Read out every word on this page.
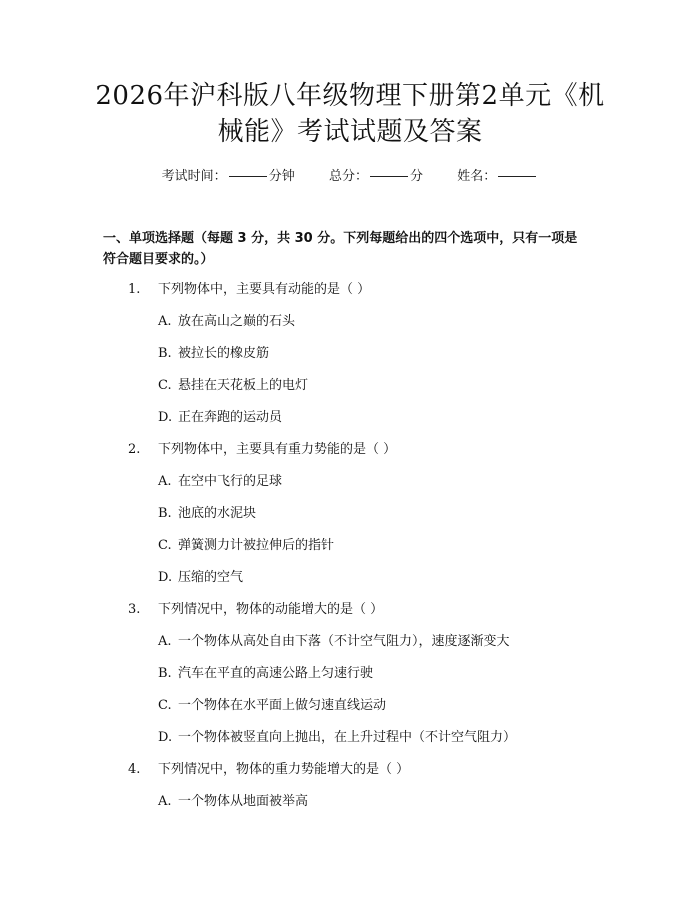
2026年沪科版八年级物理下册第2单元《机
械能》考试试题及答案
考试时间：	分钟	总分：	分	姓名：
一、单项选择题（每题 3 分，共 30 分。下列每题给出的四个选项中，只有一项是
符合题目要求的。）
1. 下列物体中，主要具有动能的是（ ）
A. 放在高山之巅的石头
B. 被拉长的橡皮筋
C. 悬挂在天花板上的电灯
D. 正在奔跑的运动员
2. 下列物体中，主要具有重力势能的是（ ）
A. 在空中飞行的足球
B. 池底的水泥块
C. 弹簧测力计被拉伸后的指针
D. 压缩的空气
3. 下列情况中，物体的动能增大的是（ ）
A. 一个物体从高处自由下落（不计空气阻力），速度逐渐变大
B. 汽车在平直的高速公路上匀速行驶
C. 一个物体在水平面上做匀速直线运动
D. 一个物体被竖直向上抛出，在上升过程中（不计空气阻力）
4. 下列情况中，物体的重力势能增大的是（ ）
A. 一个物体从地面被举高
